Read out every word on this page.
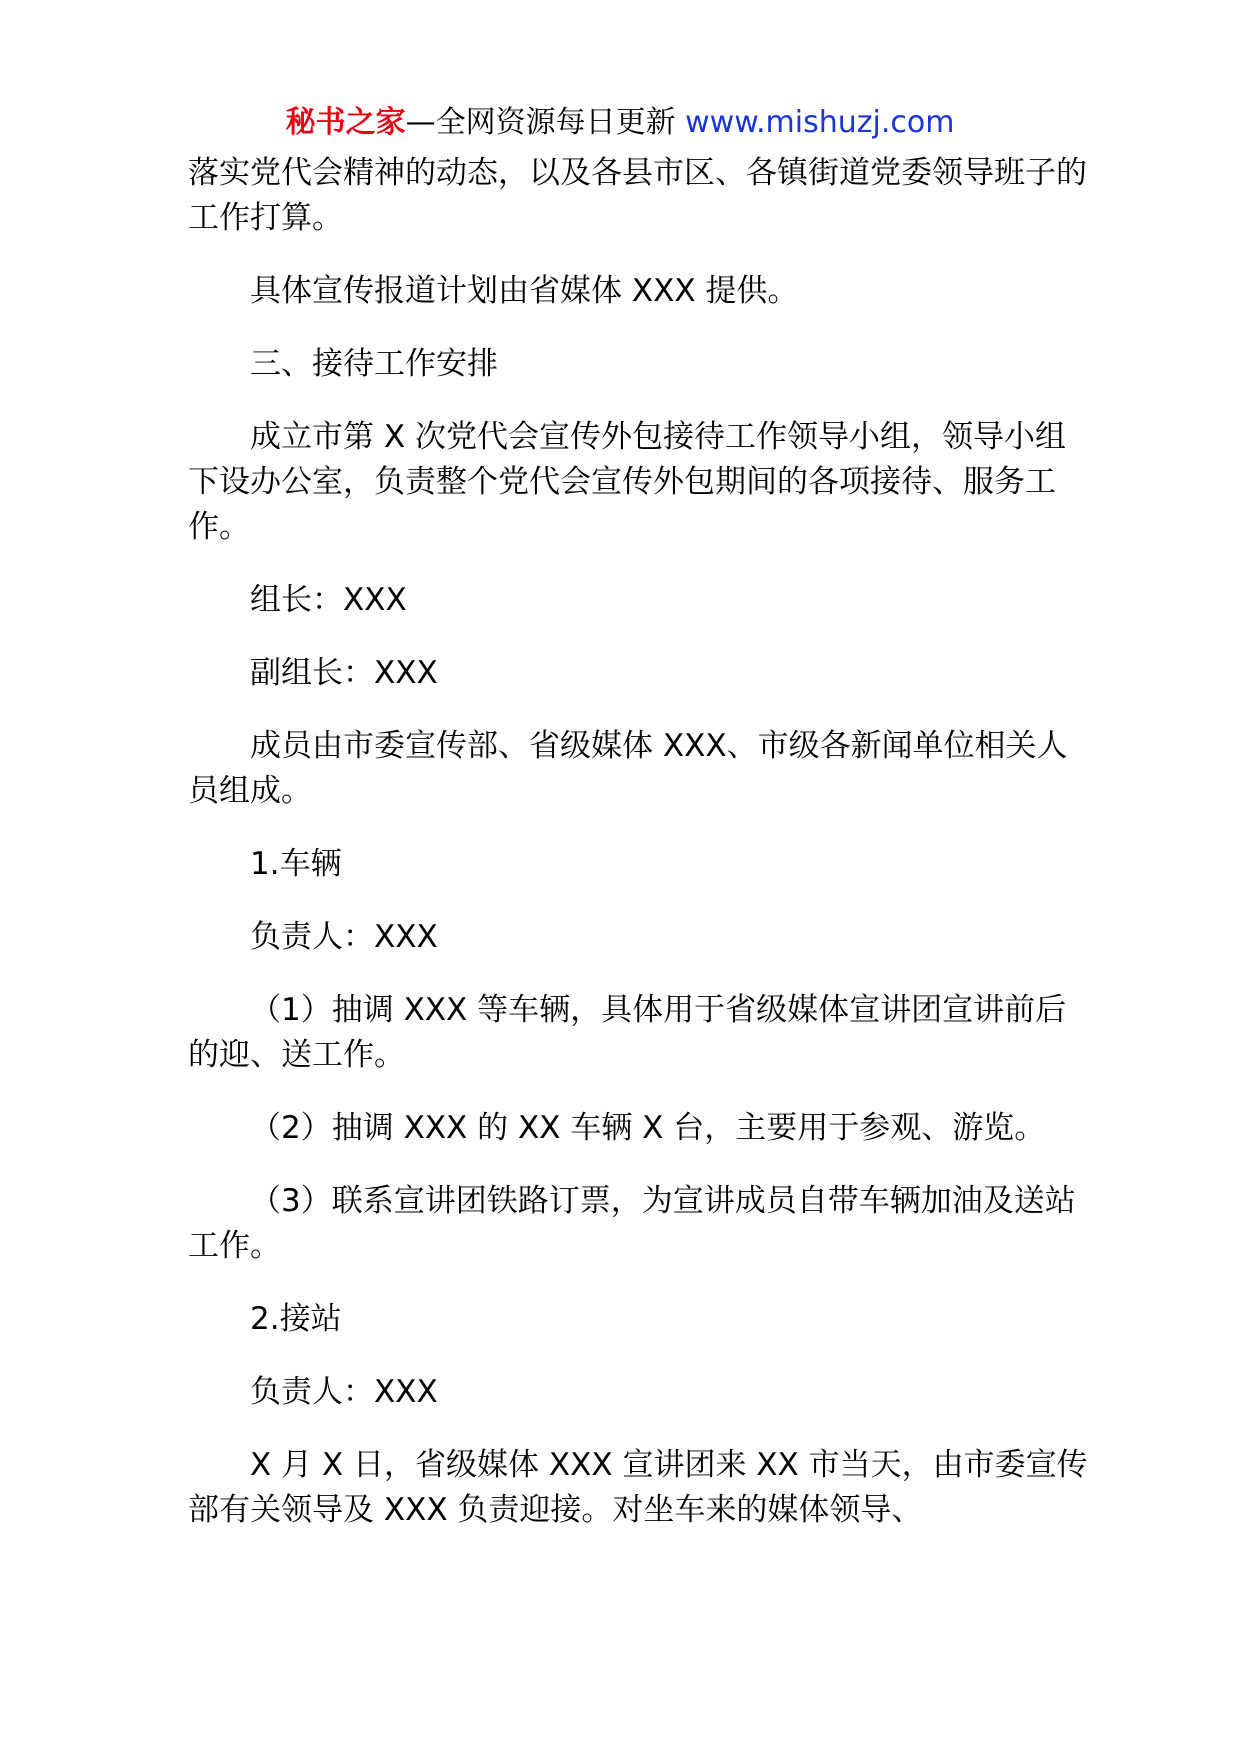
秘书之家—全网资源每日更新 www.mishuzj.com

落实党代会精神的动态，以及各县市区、各镇街道党委领导班子的工作打算。

具体宣传报道计划由省媒体 XXX 提供。

三、接待工作安排

成立市第 X 次党代会宣传外包接待工作领导小组，领导小组下设办公室，负责整个党代会宣传外包期间的各项接待、服务工作。

组长：XXX

副组长：XXX

成员由市委宣传部、省级媒体 XXX、市级各新闻单位相关人员组成。

1.车辆

负责人：XXX

（1）抽调 XXX 等车辆，具体用于省级媒体宣讲团宣讲前后的迎、送工作。

（2）抽调 XXX 的 XX 车辆 X 台，主要用于参观、游览。

（3）联系宣讲团铁路订票，为宣讲成员自带车辆加油及送站工作。

2.接站

负责人：XXX

X 月 X 日，省级媒体 XXX 宣讲团来 XX 市当天，由市委宣传部有关领导及 XXX 负责迎接。对坐车来的媒体领导、
